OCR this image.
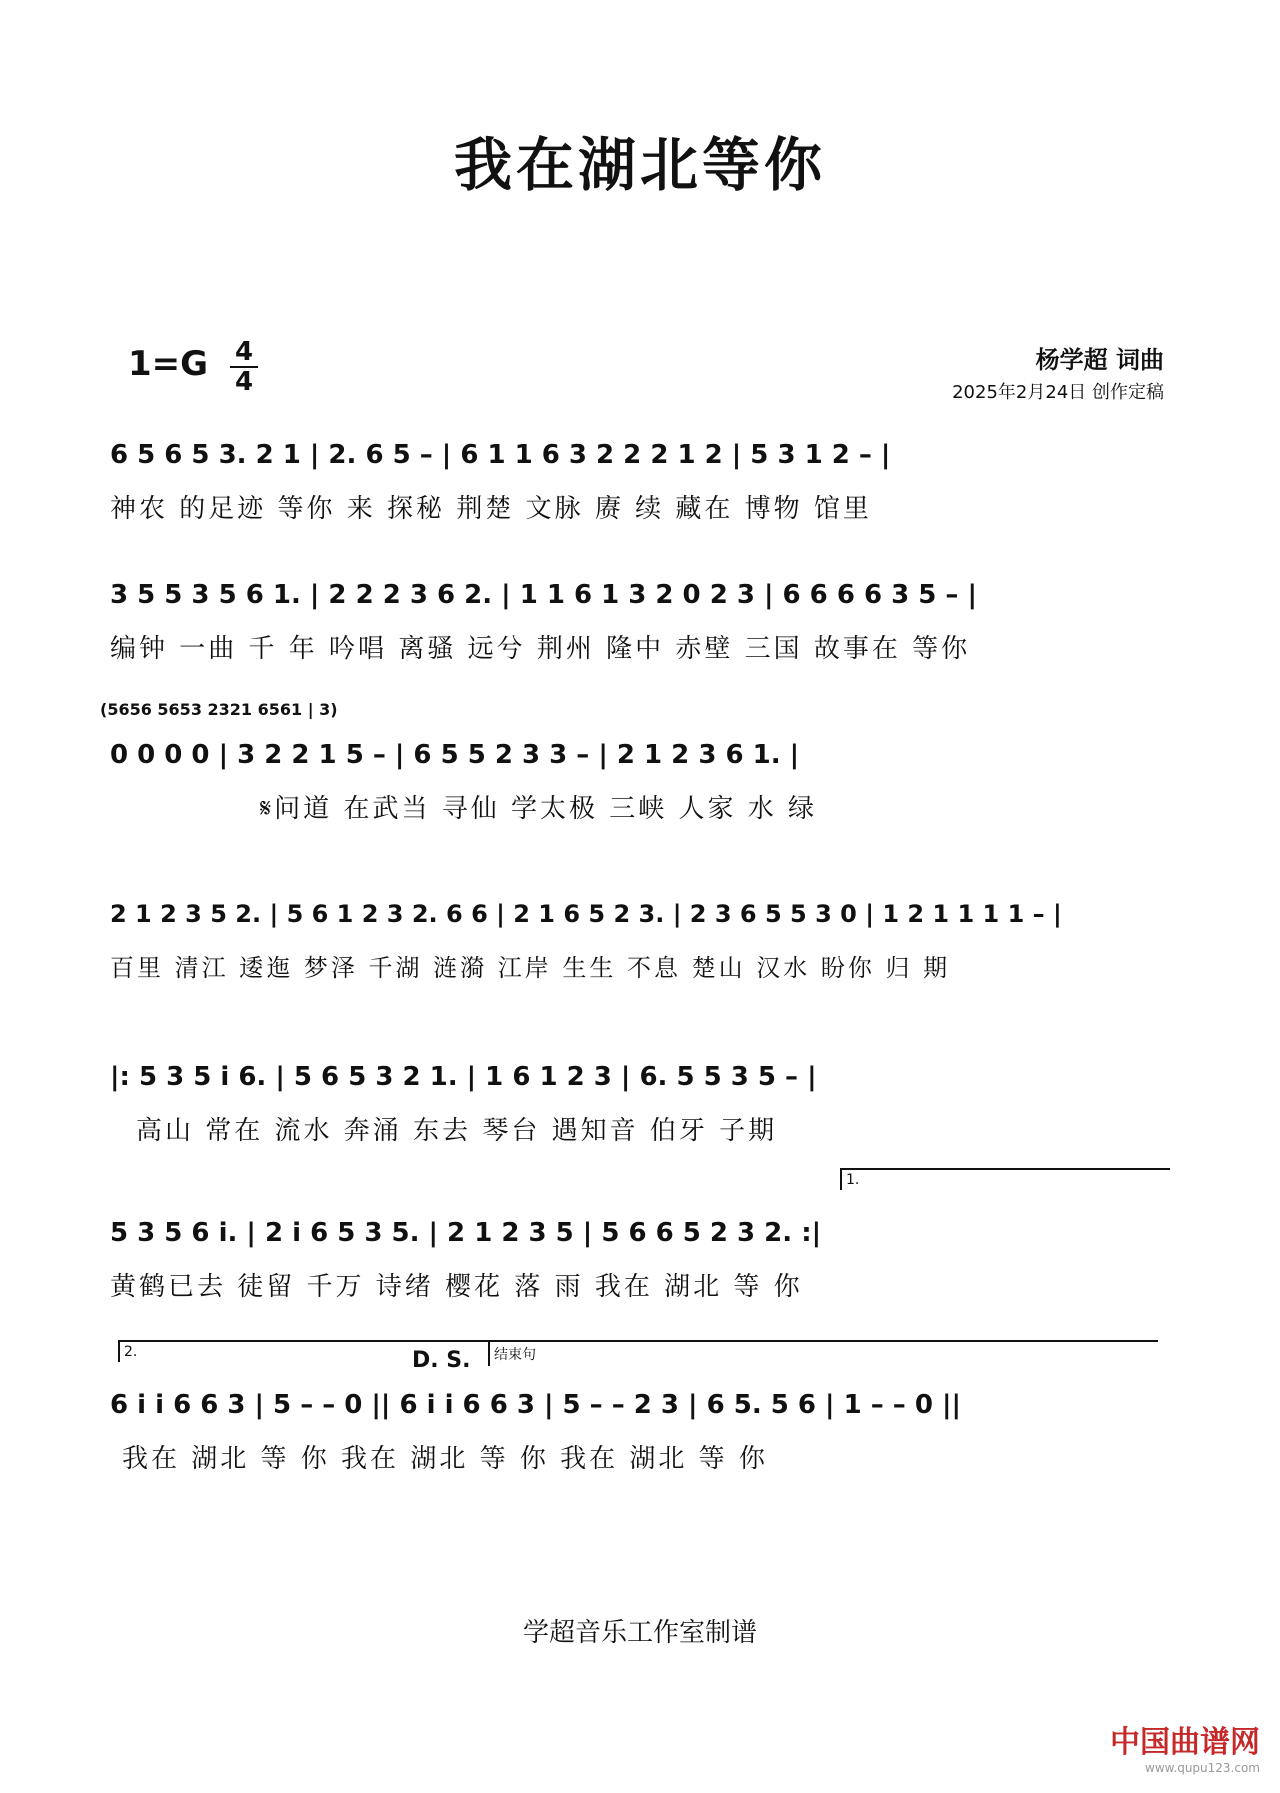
我在湖北等你
1=G 4
4
杨学超 词曲
2025年2月24日 创作定稿
6 5 6 5 3. 2 1 | 2. 6 5 – | 6 1 1 6 3 2 2 2 1 2 | 5 3 1 2 – |
神农 的足迹 等你 来 探秘 荆楚 文脉 赓 续 藏在 博物 馆里
3 5 5 3 5 6 1. | 2 2 2 3 6 2. | 1 1 6 1 3 2 0 2 3 | 6 6 6 6 3 5 – |
编钟 一曲 千 年 吟唱 离骚 远兮 荆州 隆中 赤壁 三国 故事在 等你
(5656 5653 2321 6561 | 3)
0 0 0 0 | 3 2 2 1 5 – | 6 5 5 2 3 3 – | 2 1 2 3 6 1. |
𝄋问道 在武当 寻仙 学太极 三峡 人家 水 绿
2 1 2 3 5 2. | 5 6 1 2 3 2. 6 6 | 2 1 6 5 2 3. | 2 3 6 5 5 3 0 | 1 2 1 1 1 1 – |
百里 清江 逶迤 梦泽 千湖 涟漪 江岸 生生 不息 楚山 汉水 盼你 归 期
|: 5 3 5 i 6. | 5 6 5 3 2 1. | 1 6 1 2 3 | 6. 5 5 3 5 – |
高山 常在 流水 奔涌 东去 琴台 遇知音 伯牙 子期
1.
5 3 5 6 i. | 2 i 6 5 3 5. | 2 1 2 3 5 | 5 6 6 5 2 3 2. :|
黄鹤已去 徒留 千万 诗绪 樱花 落 雨 我在 湖北 等 你
2.	D. S.	结束句
6 i i 6 6 3 | 5 – – 0 || 6 i i 6 6 3 | 5 – – 2 3 | 6 5. 5 6 | 1 – – 0 ||
我在 湖北 等 你 我在 湖北 等 你 我在 湖北 等 你
学超音乐工作室制谱
中国曲谱网
www.qupu123.com
